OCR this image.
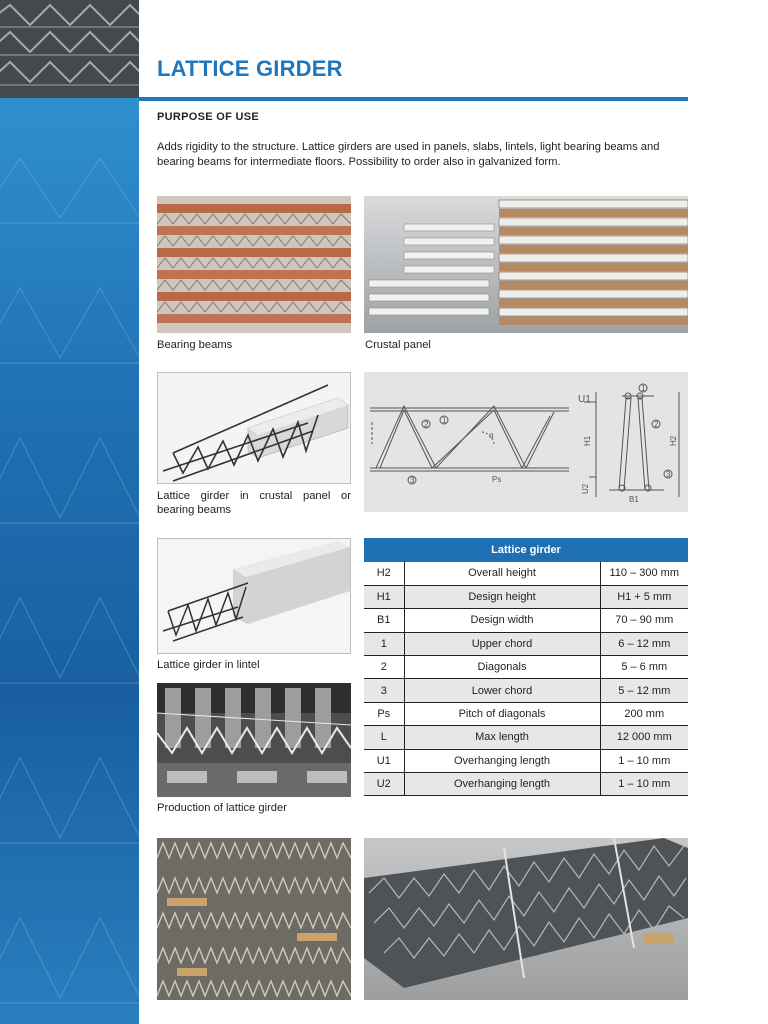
LATTICE GIRDER
PURPOSE OF USE
Adds rigidity to the structure. Lattice girders are used in panels, slabs, lintels, light bearing beams and bearing beams for intermediate floors. Possibility to order also in galvanized form.
Bearing beams	Crustal panel
Lattice girder in crustal panel or bearing beams
1
2
3	Ps
α
1
2
3
B1
H1	H2
U1
U2
Lattice girder in lintel
Production of lattice girder
Lattice girder		
H2	Overall height	110 – 300 mm
H1	Design height	H1 + 5 mm
B1	Design width	70 – 90 mm
1	Upper chord	6 – 12 mm
2	Diagonals	5 – 6 mm
3	Lower chord	5 – 12 mm
Ps	Pitch of diagonals	200 mm
L	Max length	12 000 mm
U1	Overhanging length	1 – 10 mm
U2	Overhanging length	1 – 10 mm
